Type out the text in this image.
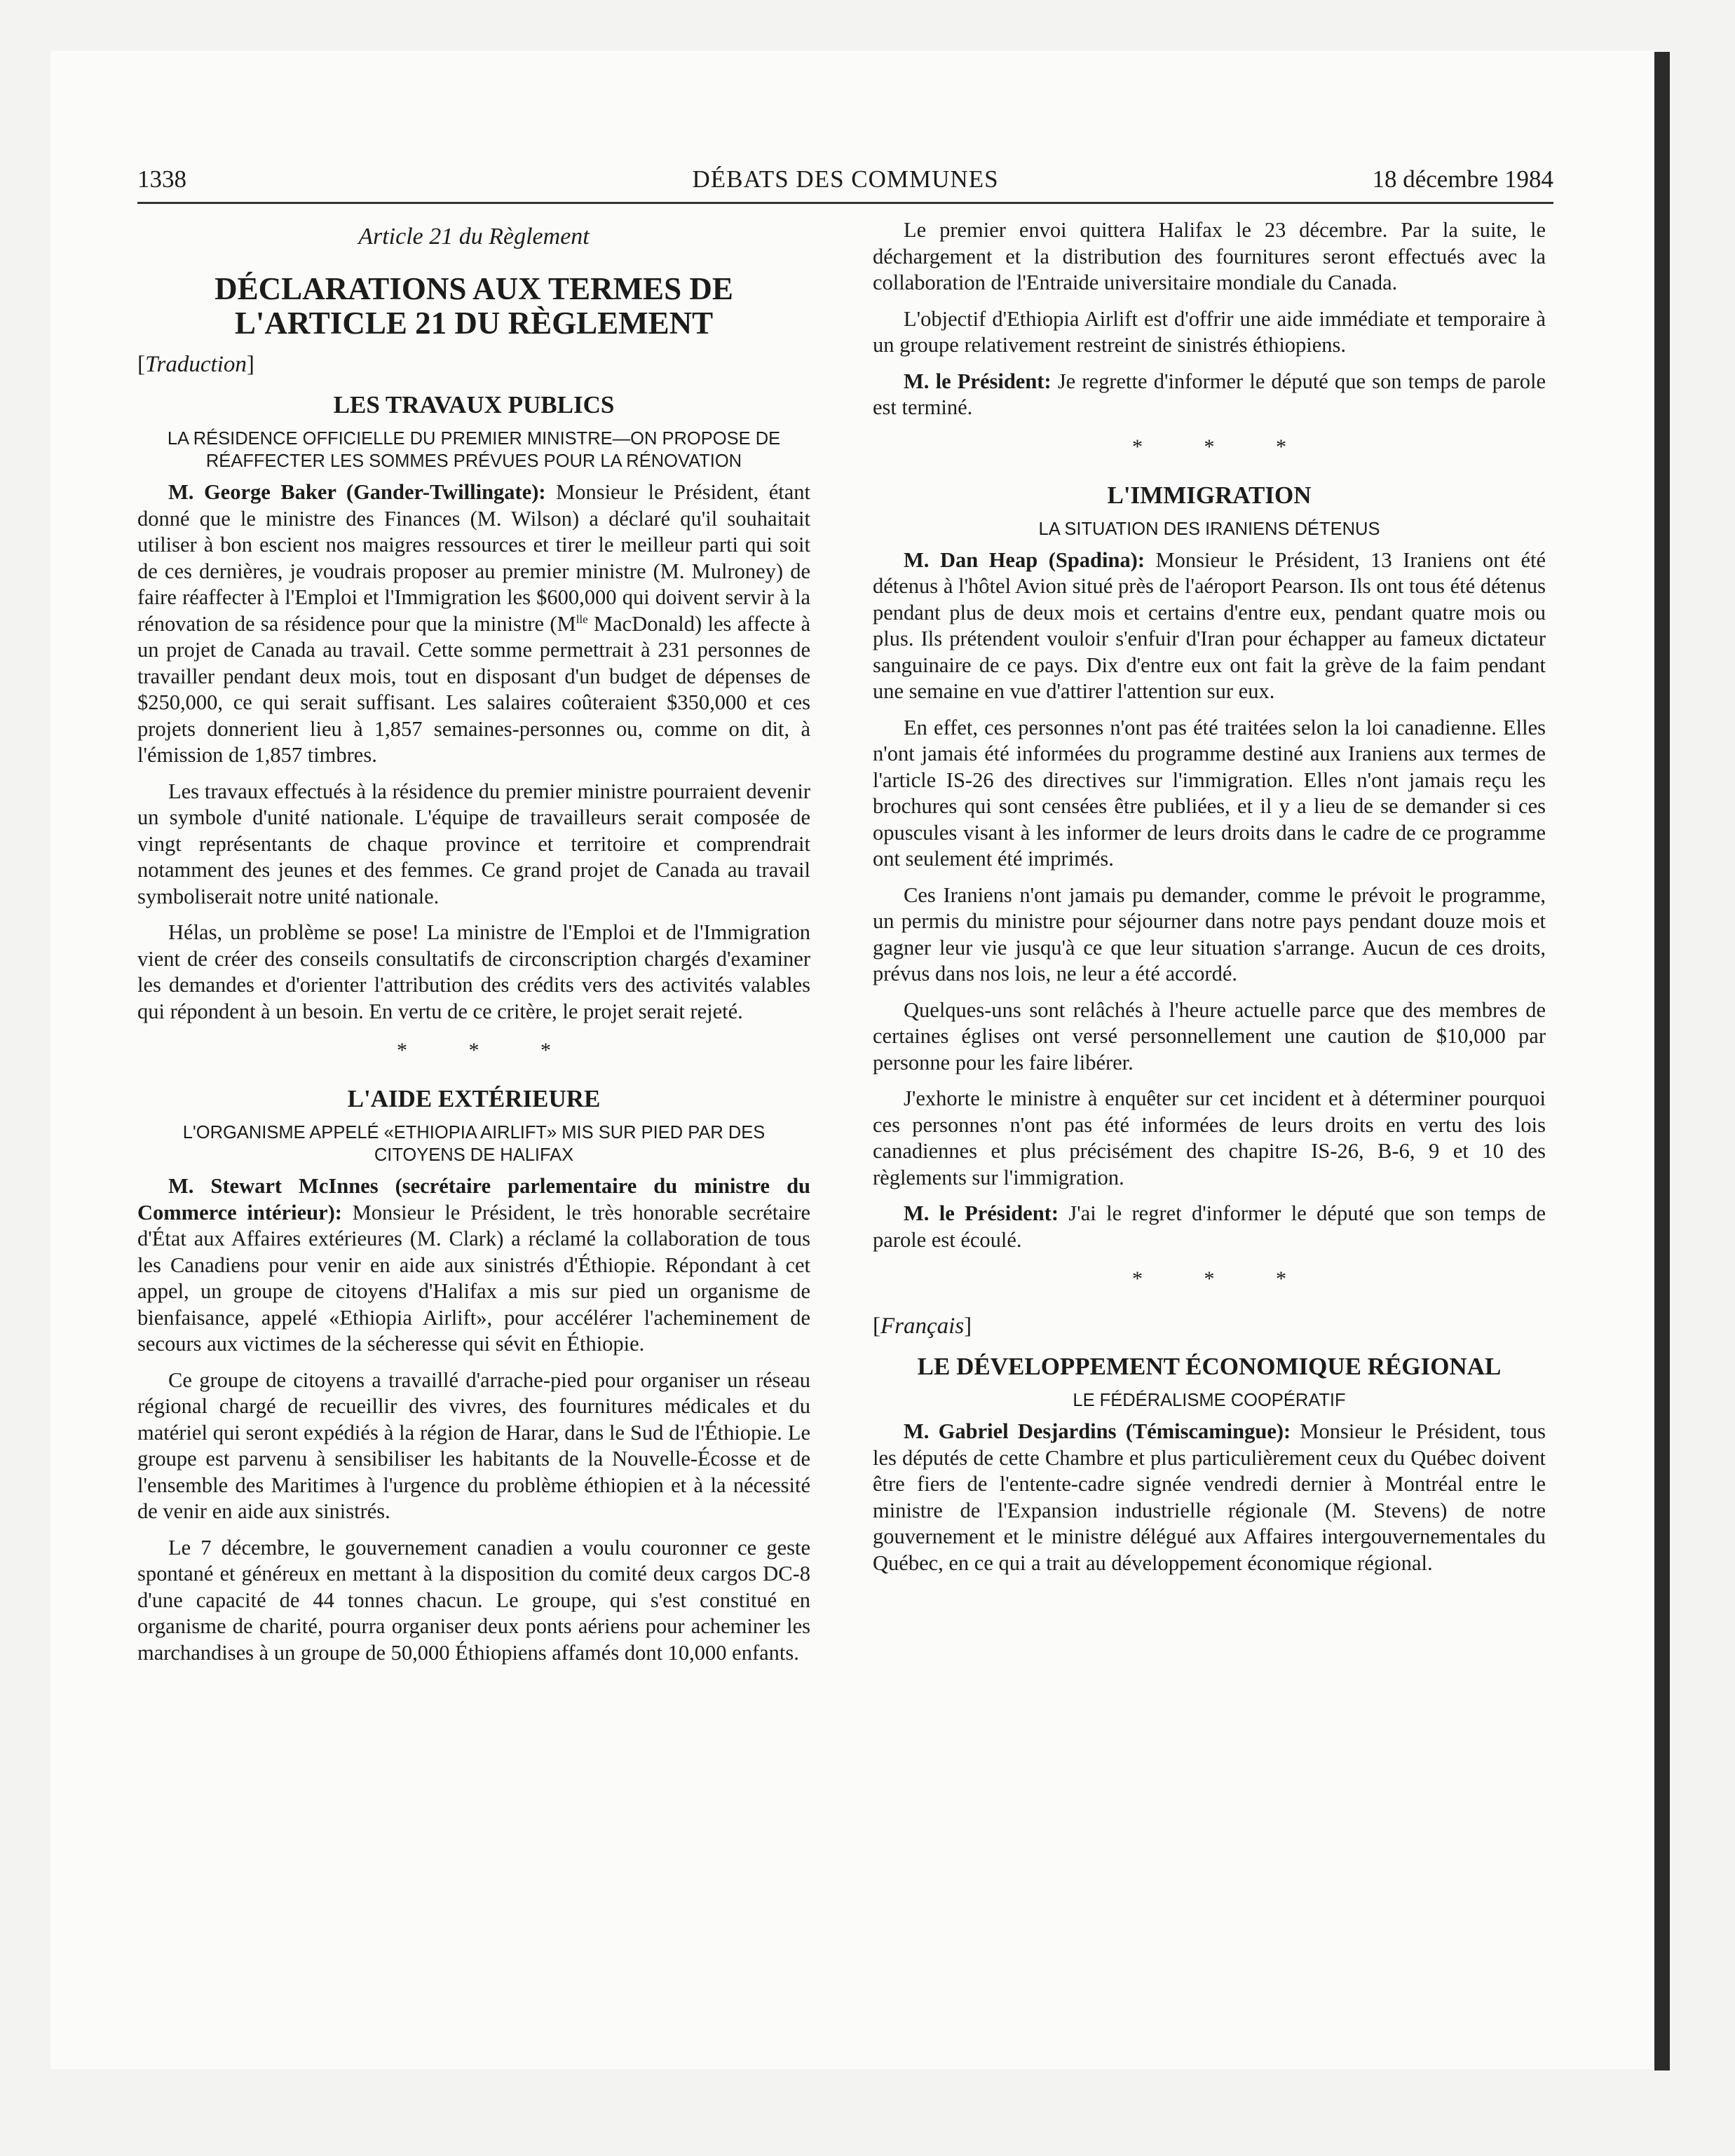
1338	DÉBATS DES COMMUNES	18 décembre 1984
Article 21 du Règlement
DÉCLARATIONS AUX TERMES DE L'ARTICLE 21 DU RÈGLEMENT
[Traduction]
LES TRAVAUX PUBLICS
LA RÉSIDENCE OFFICIELLE DU PREMIER MINISTRE—ON PROPOSE DE RÉAFFECTER LES SOMMES PRÉVUES POUR LA RÉNOVATION

M. George Baker (Gander-Twillingate): Monsieur le Président, étant donné que le ministre des Finances (M. Wilson) a déclaré qu'il souhaitait utiliser à bon escient nos maigres ressources et tirer le meilleur parti qui soit de ces dernières, je voudrais proposer au premier ministre (M. Mulroney) de faire réaffecter à l'Emploi et l'Immigration les $600,000 qui doivent servir à la rénovation de sa résidence pour que la ministre ($M^{lle}$ MacDonald) les affecte à un projet de Canada au travail. Cette somme permettrait à 231 personnes de travailler pendant deux mois, tout en disposant d'un budget de dépenses de $250,000, ce qui serait suffisant. Les salaires coûteraient $350,000 et ces projets donnerient lieu à 1,857 semaines-personnes ou, comme on dit, à l'émission de 1,857 timbres.

Les travaux effectués à la résidence du premier ministre pourraient devenir un symbole d'unité nationale. L'équipe de travailleurs serait composée de vingt représentants de chaque province et territoire et comprendrait notamment des jeunes et des femmes. Ce grand projet de Canada au travail symboliserait notre unité nationale.

Hélas, un problème se pose! La ministre de l'Emploi et de l'Immigration vient de créer des conseils consultatifs de circonscription chargés d'examiner les demandes et d'orienter l'attribution des crédits vers des activités valables qui répondent à un besoin. En vertu de ce critère, le projet serait rejeté.

* * *
L'AIDE EXTÉRIEURE
L'ORGANISME APPELÉ «ETHIOPIA AIRLIFT» MIS SUR PIED PAR DES CITOYENS DE HALIFAX

M. Stewart McInnes (secrétaire parlementaire du ministre du Commerce intérieur): Monsieur le Président, le très honorable secrétaire d'État aux Affaires extérieures (M. Clark) a réclamé la collaboration de tous les Canadiens pour venir en aide aux sinistrés d'Éthiopie. Répondant à cet appel, un groupe de citoyens d'Halifax a mis sur pied un organisme de bienfaisance, appelé «Ethiopia Airlift», pour accélérer l'acheminement de secours aux victimes de la sécheresse qui sévit en Éthiopie.

Ce groupe de citoyens a travaillé d'arrache-pied pour organiser un réseau régional chargé de recueillir des vivres, des fournitures médicales et du matériel qui seront expédiés à la région de Harar, dans le Sud de l'Éthiopie. Le groupe est parvenu à sensibiliser les habitants de la Nouvelle-Écosse et de l'ensemble des Maritimes à l'urgence du problème éthiopien et à la nécessité de venir en aide aux sinistrés.

Le 7 décembre, le gouvernement canadien a voulu couronner ce geste spontané et généreux en mettant à la disposition du comité deux cargos DC-8 d'une capacité de 44 tonnes chacun. Le groupe, qui s'est constitué en organisme de charité, pourra organiser deux ponts aériens pour acheminer les marchandises à un groupe de 50,000 Éthiopiens affamés dont 10,000 enfants.

Le premier envoi quittera Halifax le 23 décembre. Par la suite, le déchargement et la distribution des fournitures seront effectués avec la collaboration de l'Entraide universitaire mondiale du Canada.

L'objectif d'Ethiopia Airlift est d'offrir une aide immédiate et temporaire à un groupe relativement restreint de sinistrés éthiopiens.

M. le Président: Je regrette d'informer le député que son temps de parole est terminé.

* * *
L'IMMIGRATION
LA SITUATION DES IRANIENS DÉTENUS

M. Dan Heap (Spadina): Monsieur le Président, 13 Iraniens ont été détenus à l'hôtel Avion situé près de l'aéroport Pearson. Ils ont tous été détenus pendant plus de deux mois et certains d'entre eux, pendant quatre mois ou plus. Ils prétendent vouloir s'enfuir d'Iran pour échapper au fameux dictateur sanguinaire de ce pays. Dix d'entre eux ont fait la grève de la faim pendant une semaine en vue d'attirer l'attention sur eux.

En effet, ces personnes n'ont pas été traitées selon la loi canadienne. Elles n'ont jamais été informées du programme destiné aux Iraniens aux termes de l'article IS-26 des directives sur l'immigration. Elles n'ont jamais reçu les brochures qui sont censées être publiées, et il y a lieu de se demander si ces opuscules visant à les informer de leurs droits dans le cadre de ce programme ont seulement été imprimés.

Ces Iraniens n'ont jamais pu demander, comme le prévoit le programme, un permis du ministre pour séjourner dans notre pays pendant douze mois et gagner leur vie jusqu'à ce que leur situation s'arrange. Aucun de ces droits, prévus dans nos lois, ne leur a été accordé.

Quelques-uns sont relâchés à l'heure actuelle parce que des membres de certaines églises ont versé personnellement une caution de $10,000 par personne pour les faire libérer.

J'exhorte le ministre à enquêter sur cet incident et à déterminer pourquoi ces personnes n'ont pas été informées de leurs droits en vertu des lois canadiennes et plus précisément des chapitre IS-26, B-6, 9 et 10 des règlements sur l'immigration.

M. le Président: J'ai le regret d'informer le député que son temps de parole est écoulé.

* * *
[Français]
LE DÉVELOPPEMENT ÉCONOMIQUE RÉGIONAL
LE FÉDÉRALISME COOPÉRATIF

M. Gabriel Desjardins (Témiscamingue): Monsieur le Président, tous les députés de cette Chambre et plus particulièrement ceux du Québec doivent être fiers de l'entente-cadre signée vendredi dernier à Montréal entre le ministre de l'Expansion industrielle régionale (M. Stevens) de notre gouvernement et le ministre délégué aux Affaires intergouvernementales du Québec, en ce qui a trait au développement économique régional.
